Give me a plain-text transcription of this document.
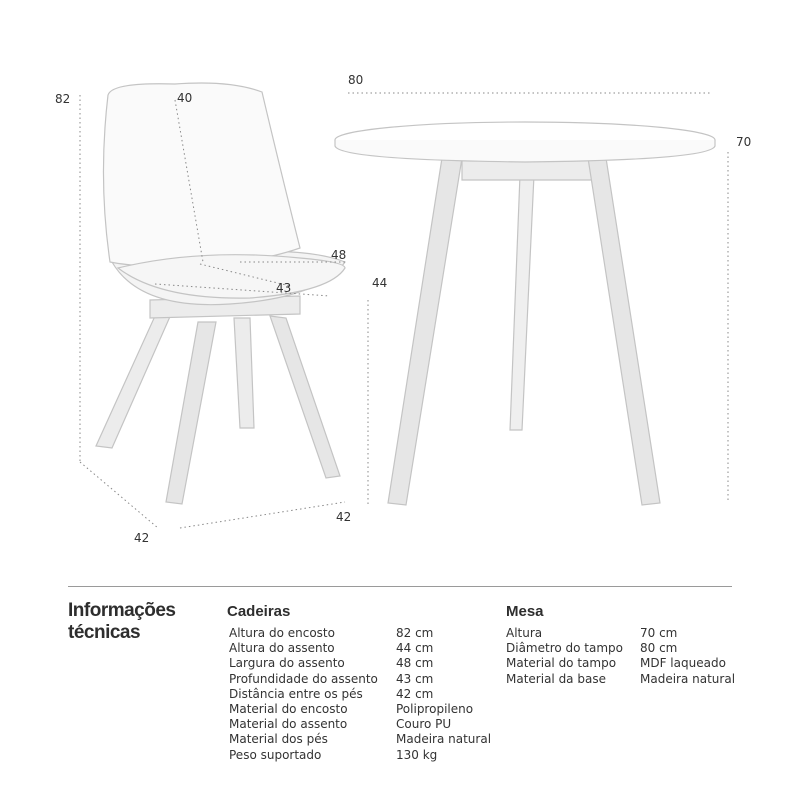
82	40
48
43	44
42
42
80
70
Informações
técnicas
Cadeiras
Altura do encosto	82 cm
Altura do assento	44 cm
Largura do assento	48 cm
Profundidade do assento 43 cm
Distância entre os pés	42 cm
Material do encosto	Polipropileno
Material do assento	Couro PU
Material dos pés	Madeira natural
Peso suportado	130 kg
Mesa
Altura	70 cm
Diâmetro do tampo 80 cm
Material do tampo MDF laqueado
Material da base	Madeira natural
